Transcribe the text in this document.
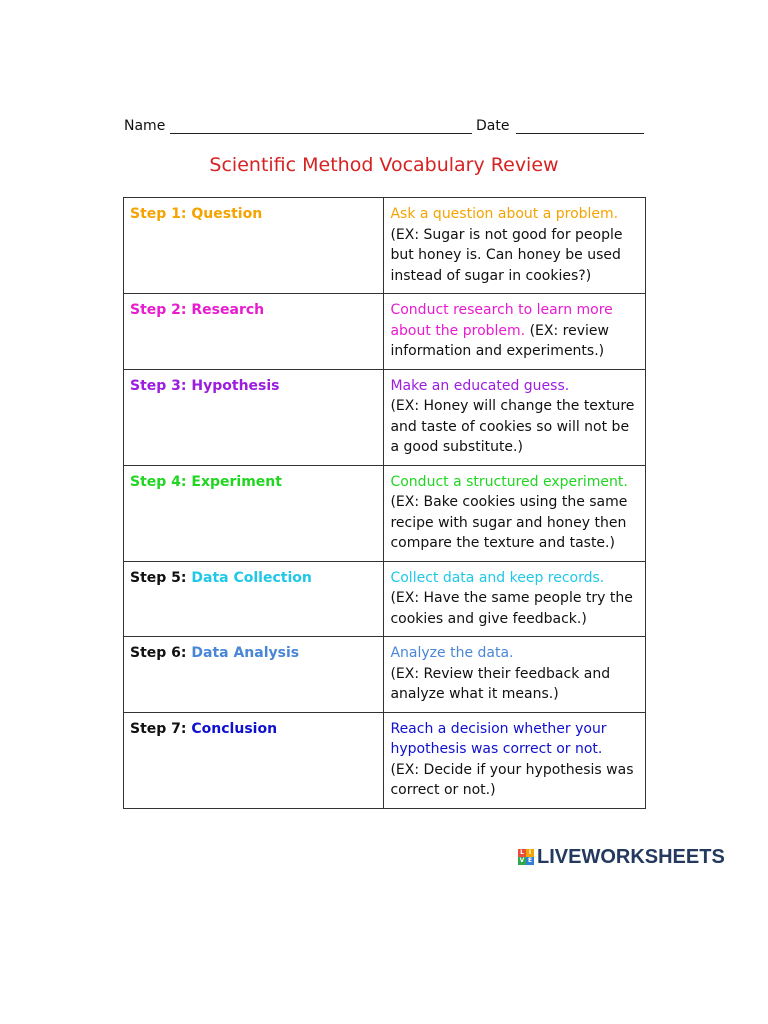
Name	Date
Scientific Method Vocabulary Review
Step 1: Question	Ask a question about a problem.
(EX: Sugar is not good for people but honey is. Can honey be used instead of sugar in cookies?)
Step 2: Research	Conduct research to learn more about the problem. (EX: review information and experiments.)
Step 3: Hypothesis	Make an educated guess.
(EX: Honey will change the texture and taste of cookies so will not be a good substitute.)
Step 4: Experiment	Conduct a structured experiment.
(EX: Bake cookies using the same recipe with sugar and honey then compare the texture and taste.)
Step 5: Data Collection	Collect data and keep records.
(EX: Have the same people try the cookies and give feedback.)
Step 6: Data Analysis	Analyze the data.
(EX: Review their feedback and analyze what it means.)
Step 7: Conclusion	Reach a decision whether your hypothesis was correct or not.
(EX: Decide if your hypothesis was correct or not.)
L I
V E LIVEWORKSHEETS
